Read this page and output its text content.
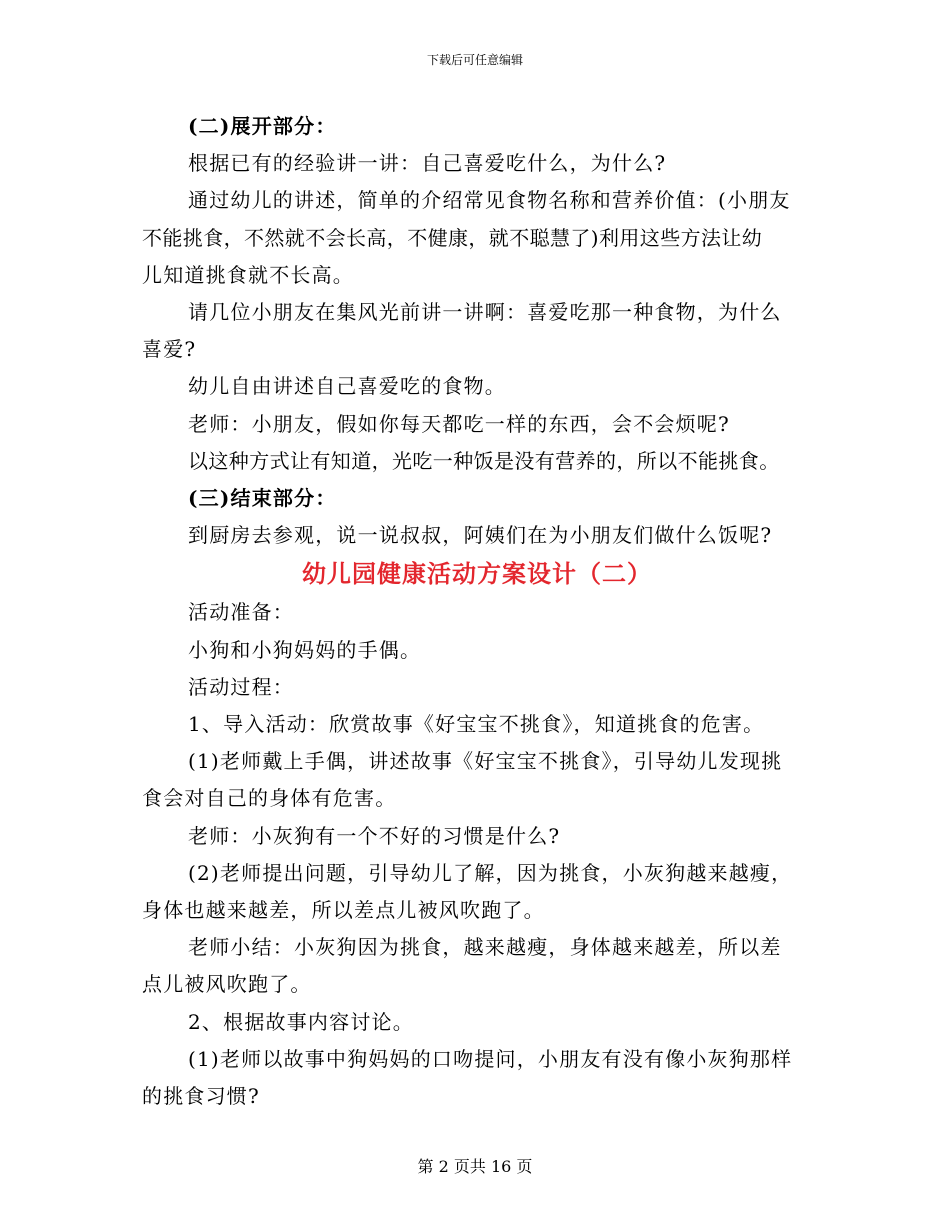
下载后可任意编辑

(二)展开部分：

根据已有的经验讲一讲：自己喜爱吃什么，为什么?

通过幼儿的讲述，简单的介绍常见食物名称和营养价值：(小朋友

不能挑食，不然就不会长高，不健康，就不聪慧了)利用这些方法让幼

儿知道挑食就不长高。

请几位小朋友在集风光前讲一讲啊：喜爱吃那一种食物，为什么

喜爱?

幼儿自由讲述自己喜爱吃的食物。

老师：小朋友，假如你每天都吃一样的东西，会不会烦呢?

以这种方式让有知道，光吃一种饭是没有营养的，所以不能挑食。

(三)结束部分：

到厨房去参观，说一说叔叔，阿姨们在为小朋友们做什么饭呢?

幼儿园健康活动方案设计（二）

活动准备：

小狗和小狗妈妈的手偶。

活动过程：

1、导入活动：欣赏故事《好宝宝不挑食》，知道挑食的危害。

(1)老师戴上手偶，讲述故事《好宝宝不挑食》，引导幼儿发现挑

食会对自己的身体有危害。

老师：小灰狗有一个不好的习惯是什么?

(2)老师提出问题，引导幼儿了解，因为挑食，小灰狗越来越瘦，

身体也越来越差，所以差点儿被风吹跑了。

老师小结：小灰狗因为挑食，越来越瘦，身体越来越差，所以差

点儿被风吹跑了。

2、根据故事内容讨论。

(1)老师以故事中狗妈妈的口吻提问，小朋友有没有像小灰狗那样

的挑食习惯?

第 2 页共 16 页
